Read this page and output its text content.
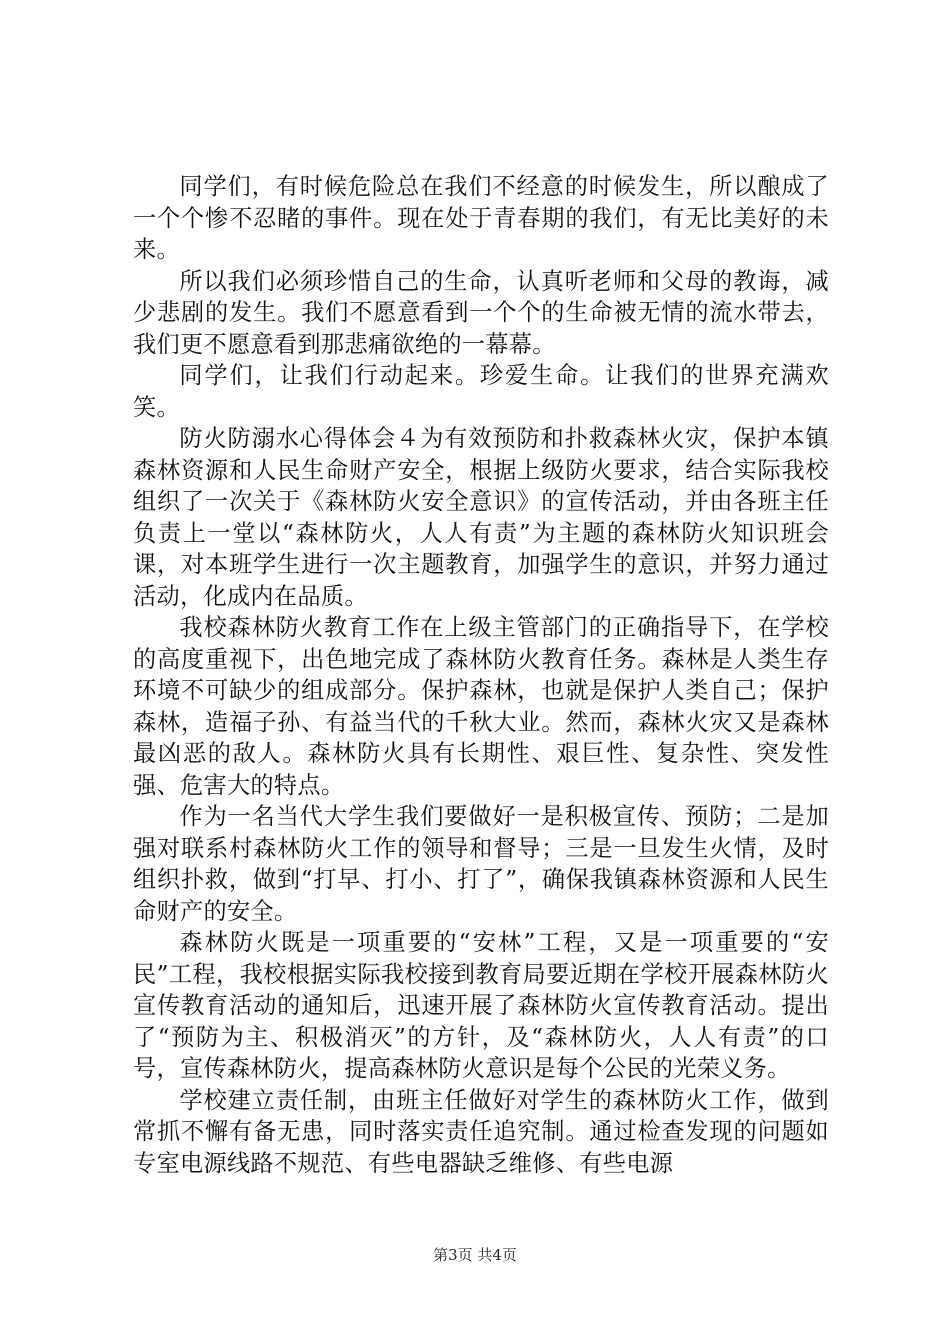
同学们，有时候危险总在我们不经意的时候发生，所以酿成了一个个惨不忍睹的事件。现在处于青春期的我们，有无比美好的未来。

所以我们必须珍惜自己的生命，认真听老师和父母的教诲，减少悲剧的发生。我们不愿意看到一个个的生命被无情的流水带去，我们更不愿意看到那悲痛欲绝的一幕幕。

同学们，让我们行动起来。珍爱生命。让我们的世界充满欢笑。

防火防溺水心得体会４为有效预防和扑救森林火灾，保护本镇森林资源和人民生命财产安全，根据上级防火要求，结合实际我校组织了一次关于《森林防火安全意识》的宣传活动，并由各班主任负责上一堂以“森林防火，人人有责”为主题的森林防火知识班会课，对本班学生进行一次主题教育，加强学生的意识，并努力通过活动，化成内在品质。

我校森林防火教育工作在上级主管部门的正确指导下，在学校的高度重视下，出色地完成了森林防火教育任务。森林是人类生存环境不可缺少的组成部分。保护森林，也就是保护人类自己；保护森林，造福子孙、有益当代的千秋大业。然而，森林火灾又是森林最凶恶的敌人。森林防火具有长期性、艰巨性、复杂性、突发性强、危害大的特点。

作为一名当代大学生我们要做好一是积极宣传、预防；二是加强对联系村森林防火工作的领导和督导；三是一旦发生火情，及时组织扑救，做到“打早、打小、打了”，确保我镇森林资源和人民生命财产的安全。

森林防火既是一项重要的“安林”工程，又是一项重要的“安民”工程，我校根据实际我校接到教育局要近期在学校开展森林防火宣传教育活动的通知后，迅速开展了森林防火宣传教育活动。提出了“预防为主、积极消灭”的方针，及“森林防火，人人有责”的口号，宣传森林防火，提高森林防火意识是每个公民的光荣义务。

学校建立责任制，由班主任做好对学生的森林防火工作，做到常抓不懈有备无患，同时落实责任追究制。通过检查发现的问题如专室电源线路不规范、有些电器缺乏维修、有些电源

第3页 共4页
